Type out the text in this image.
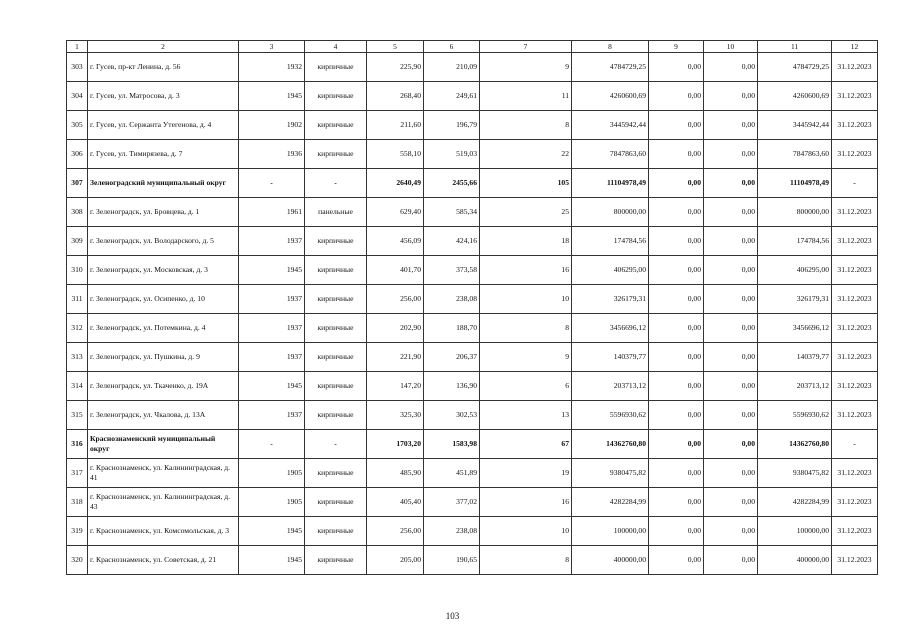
1	2	3	4	5	6	7	8	9	10	11	12
303	г. Гусев, пр-кт Ленина, д. 56	1932	кирпичные	225,90	210,09	9	4784729,25	0,00	0,00	4784729,25	31.12.2023
304	г. Гусев, ул. Матросова, д. 3	1945	кирпичные	268,40	249,61	11	4260600,69	0,00	0,00	4260600,69	31.12.2023
305	г. Гусев, ул. Сержанта Утегенова, д. 4	1902	кирпичные	211,60	196,79	8	3445942,44	0,00	0,00	3445942,44	31.12.2023
306	г. Гусев, ул. Тимирязева, д. 7	1936	кирпичные	558,10	519,03	22	7847863,60	0,00	0,00	7847863,60	31.12.2023
307	Зеленоградский муниципальный округ	-	-	2640,49	2455,66	105	11104978,49	0,00	0,00	11104978,49	-
308	г. Зеленоградск, ул. Бровцева, д. 1	1961	панельные	629,40	585,34	25	800000,00	0,00	0,00	800000,00	31.12.2023
309	г. Зеленоградск, ул. Володарского, д. 5	1937	кирпичные	456,09	424,16	18	174784,56	0,00	0,00	174784,56	31.12.2023
310	г. Зеленоградск, ул. Московская, д. 3	1945	кирпичные	401,70	373,58	16	406295,00	0,00	0,00	406295,00	31.12.2023
311	г. Зеленоградск, ул. Осипенко, д. 10	1937	кирпичные	256,00	238,08	10	326179,31	0,00	0,00	326179,31	31.12.2023
312	г. Зеленоградск, ул. Потемкина, д. 4	1937	кирпичные	202,90	188,70	8	3456696,12	0,00	0,00	3456696,12	31.12.2023
313	г. Зеленоградск, ул. Пушкина, д. 9	1937	кирпичные	221,90	206,37	9	140379,77	0,00	0,00	140379,77	31.12.2023
314	г. Зеленоградск, ул. Ткаченко, д. 19А	1945	кирпичные	147,20	136,90	6	203713,12	0,00	0,00	203713,12	31.12.2023
315	г. Зеленоградск, ул. Чкалова, д. 13А	1937	кирпичные	325,30	302,53	13	5596930,62	0,00	0,00	5596930,62	31.12.2023
316	Краснознаменский муниципальный округ	-	-	1703,20	1583,98	67	14362760,80	0,00	0,00	14362760,80	-
317	г. Краснознаменск, ул. Калининградская, д. 41	1905	кирпичные	485,90	451,89	19	9380475,82	0,00	0,00	9380475,82	31.12.2023
318	г. Краснознаменск, ул. Калининградская, д. 43	1905	кирпичные	405,40	377,02	16	4282284,99	0,00	0,00	4282284,99	31.12.2023
319	г. Краснознаменск, ул. Комсомольская, д. 3	1945	кирпичные	256,00	238,08	10	100000,00	0,00	0,00	100000,00	31.12.2023
320	г. Краснознаменск, ул. Советская, д. 21	1945	кирпичные	205,00	190,65	8	400000,00	0,00	0,00	400000,00	31.12.2023
103
